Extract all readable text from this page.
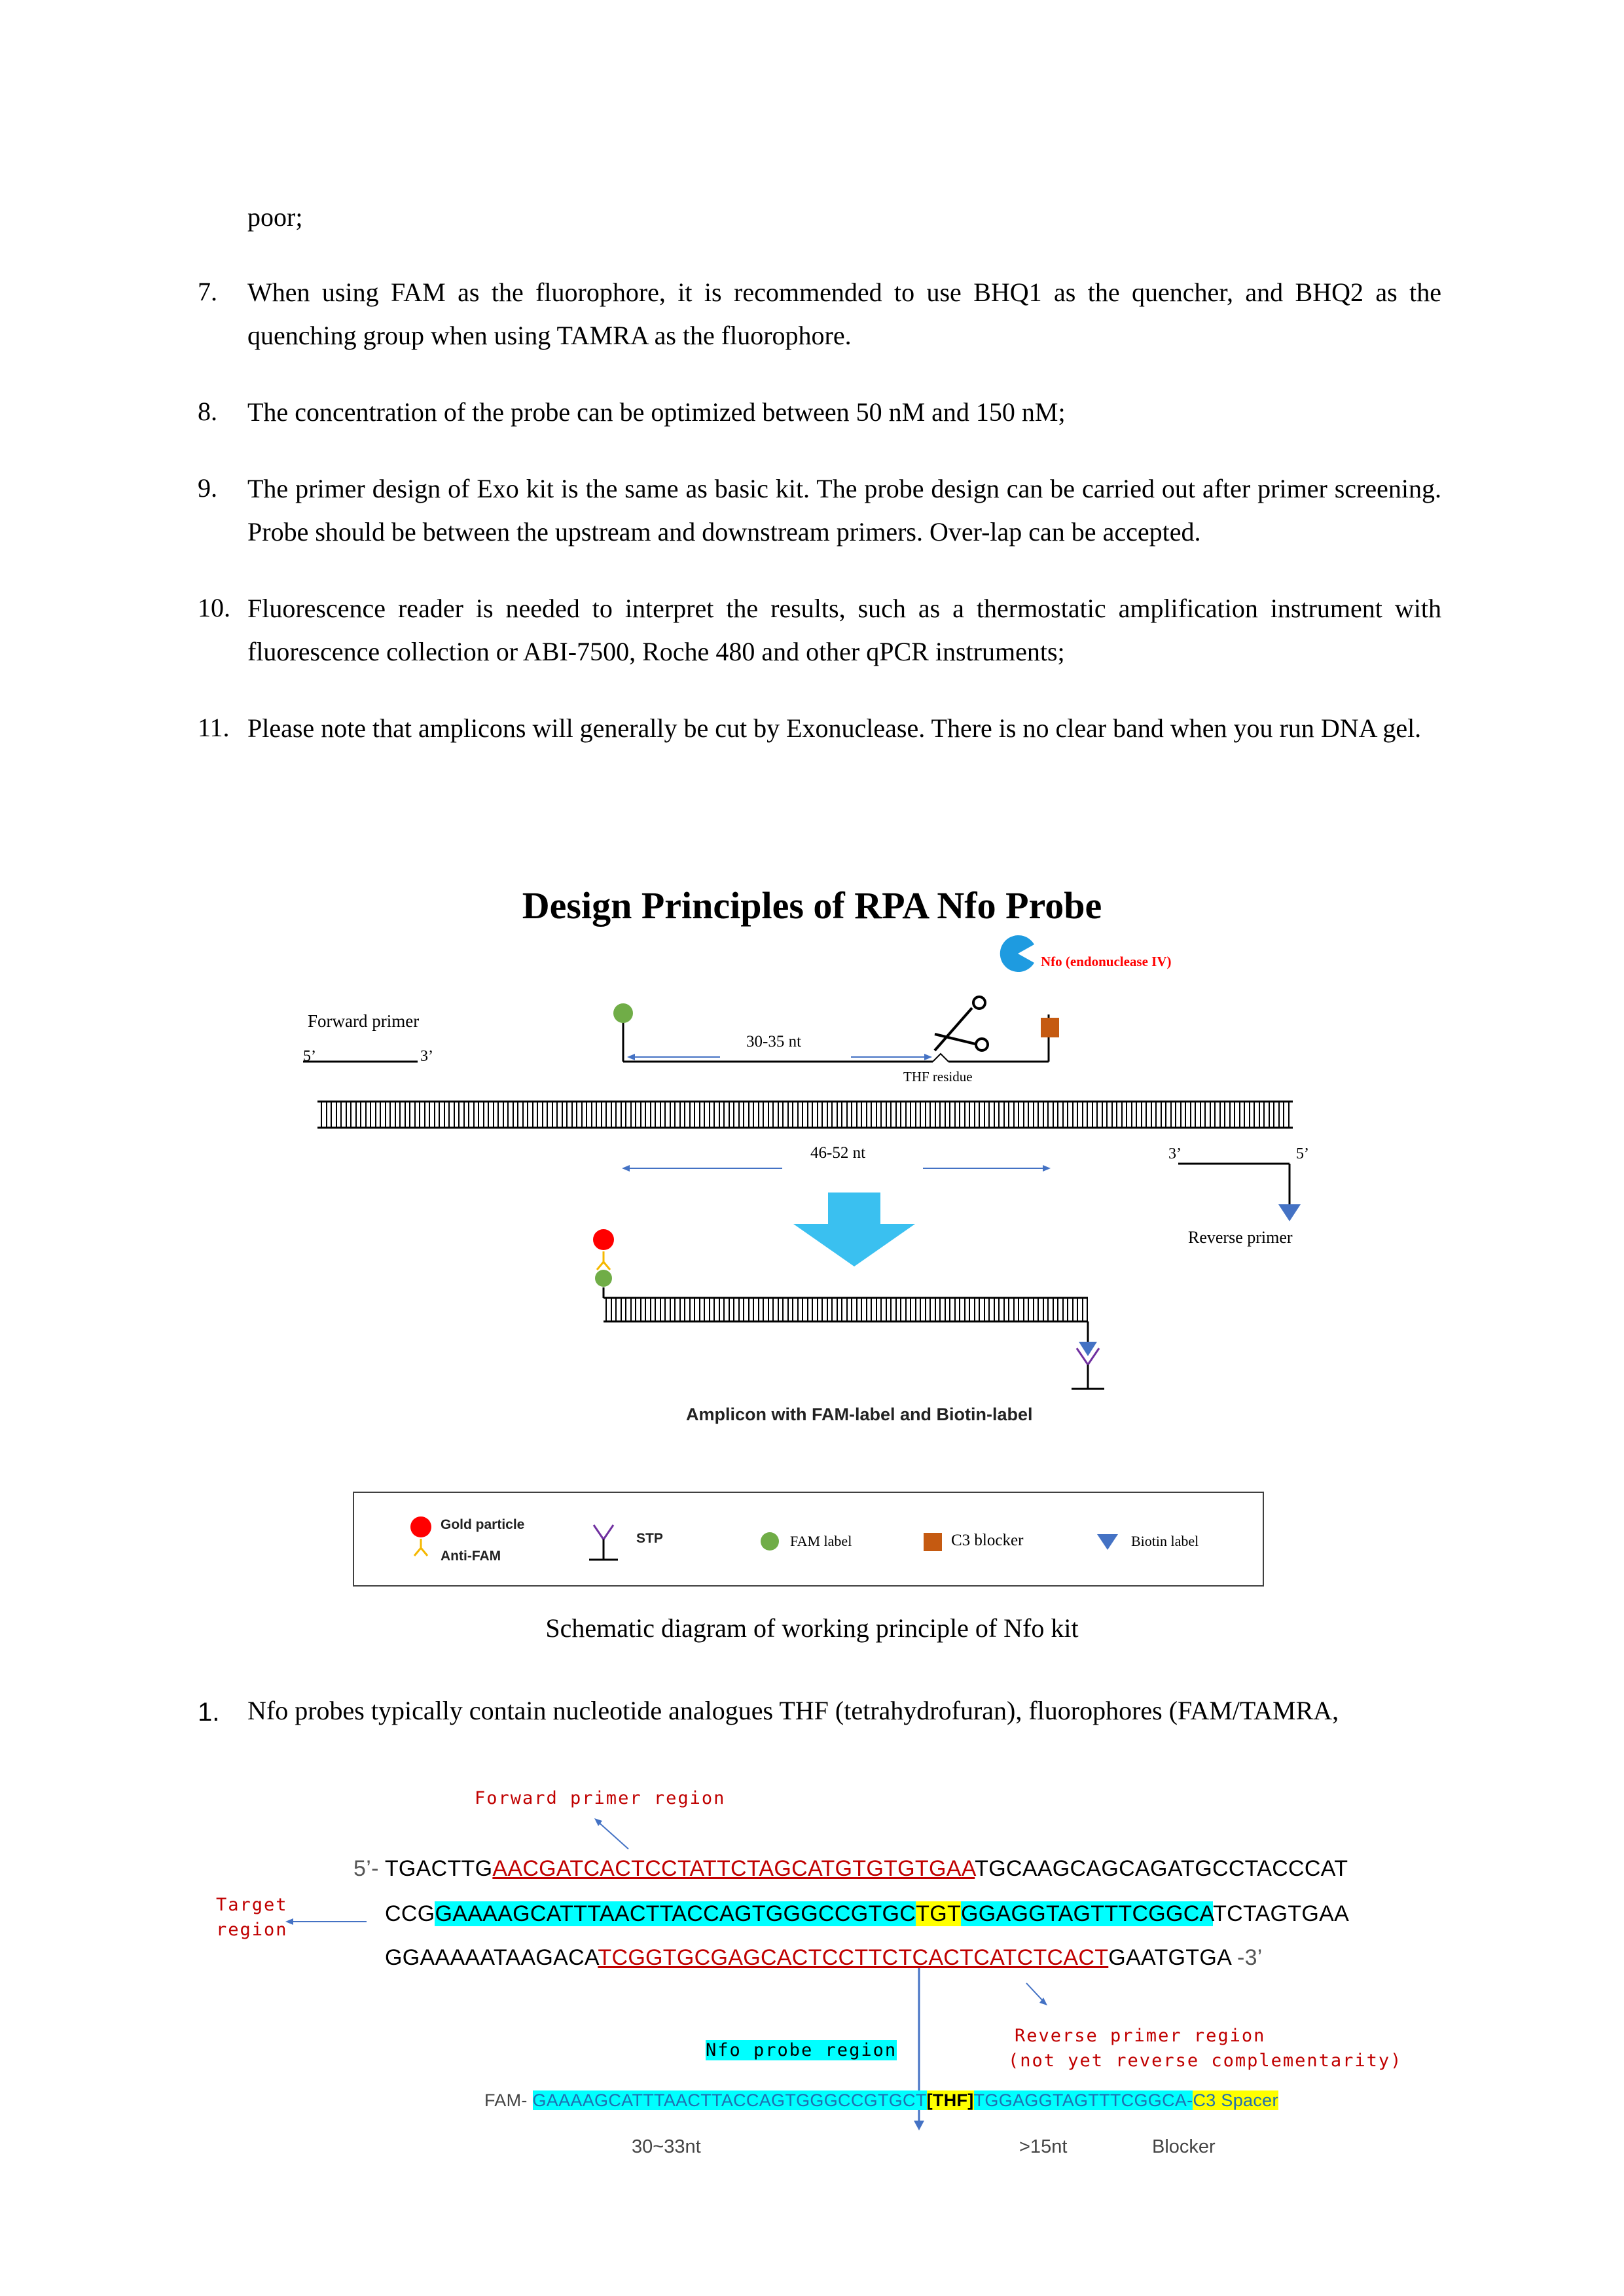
poor;
7. When using FAM as the fluorophore, it is recommended to use BHQ1 as the quencher, and BHQ2 as the quenching group when using TAMRA as the fluorophore.
8. The concentration of the probe can be optimized between 50 nM and 150 nM;
9. The primer design of Exo kit is the same as basic kit. The probe design can be carried out after primer screening. Probe should be between the upstream and downstream primers. Over-lap can be accepted.
10. Fluorescence reader is needed to interpret the results, such as a thermostatic amplification instrument with fluorescence collection or ABI-7500, Roche 480 and other qPCR instruments;
11. Please note that amplicons will generally be cut by Exonuclease. There is no clear band when you run DNA gel.
Design Principles of RPA Nfo Probe
Forward primer
5’	3’
30-35 nt
THF residue
Nfo (endonuclease IV)
46-52 nt	3’	5’
Reverse primer
Amplicon with FAM-label and Biotin-label
Gold particle
Anti-FAM
STP	FAM label	C3 blocker	Biotin label
Schematic diagram of working principle of Nfo kit
1. Nfo probes typically contain nucleotide analogues THF (tetrahydrofuran), fluorophores (FAM/TAMRA,
Forward primer region
Target
region
5’- TGACTTGAACGATCACTCCTATTCTAGCATGTGTGTGAATGCAAGCAGCAGATGCCTACCCAT
CCGGAAAAGCATTTAACTTACCAGTGGGCCGTGCTGTGGAGGTAGTTTCGGCATCTAGTGAA
GGAAAAATAAGACATCGGTGCGAGCACTCCTTCTCACTCATCTCACTGAATGTGA -3’
Reverse primer region
(not yet reverse complementarity)
Nfo probe region
FAM- GAAAAGCATTTAACTTACCAGTGGGCCGTGCT[THF]TGGAGGTAGTTTCGGCA-C3 Spacer
30~33nt	>15nt	Blocker
